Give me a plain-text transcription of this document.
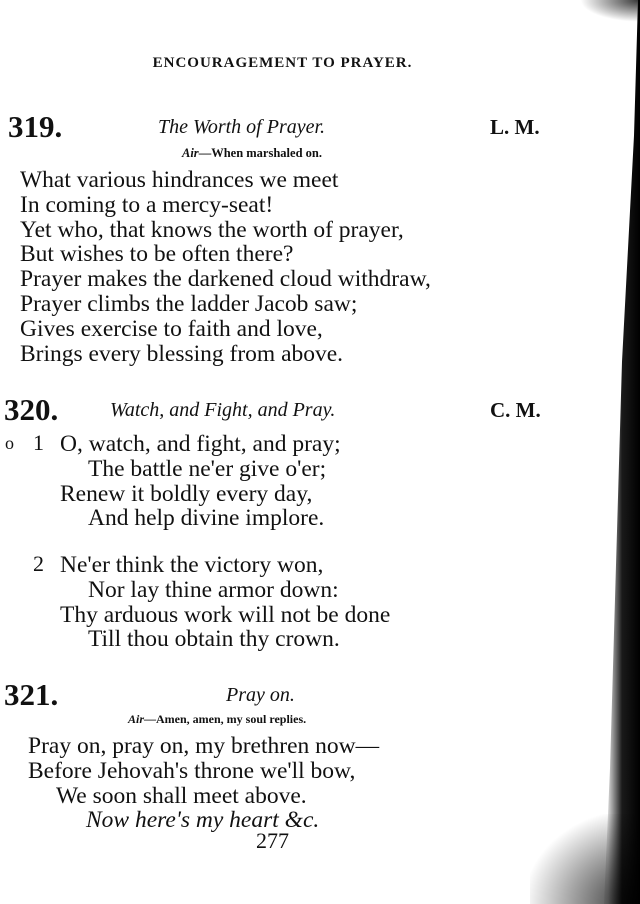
ENCOURAGEMENT TO PRAYER.
319.	The Worth of Prayer.	L. M.
Air—When marshaled on.
What various hindrances we meet
In coming to a mercy-seat!
Yet who, that knows the worth of prayer,
But wishes to be often there?
Prayer makes the darkened cloud withdraw,
Prayer climbs the ladder Jacob saw;
Gives exercise to faith and love,
Brings every blessing from above.
320.	Watch, and Fight, and Pray.	C. M.
o 1 O, watch, and fight, and pray;
The battle ne'er give o'er;
Renew it boldly every day,
And help divine implore.
2 Ne'er think the victory won,
Nor lay thine armor down:
Thy arduous work will not be done
Till thou obtain thy crown.
321.	Pray on.
Air—Amen, amen, my soul replies.
Pray on, pray on, my brethren now—
Before Jehovah's throne we'll bow,
We soon shall meet above.
Now here's my heart &c.
277
